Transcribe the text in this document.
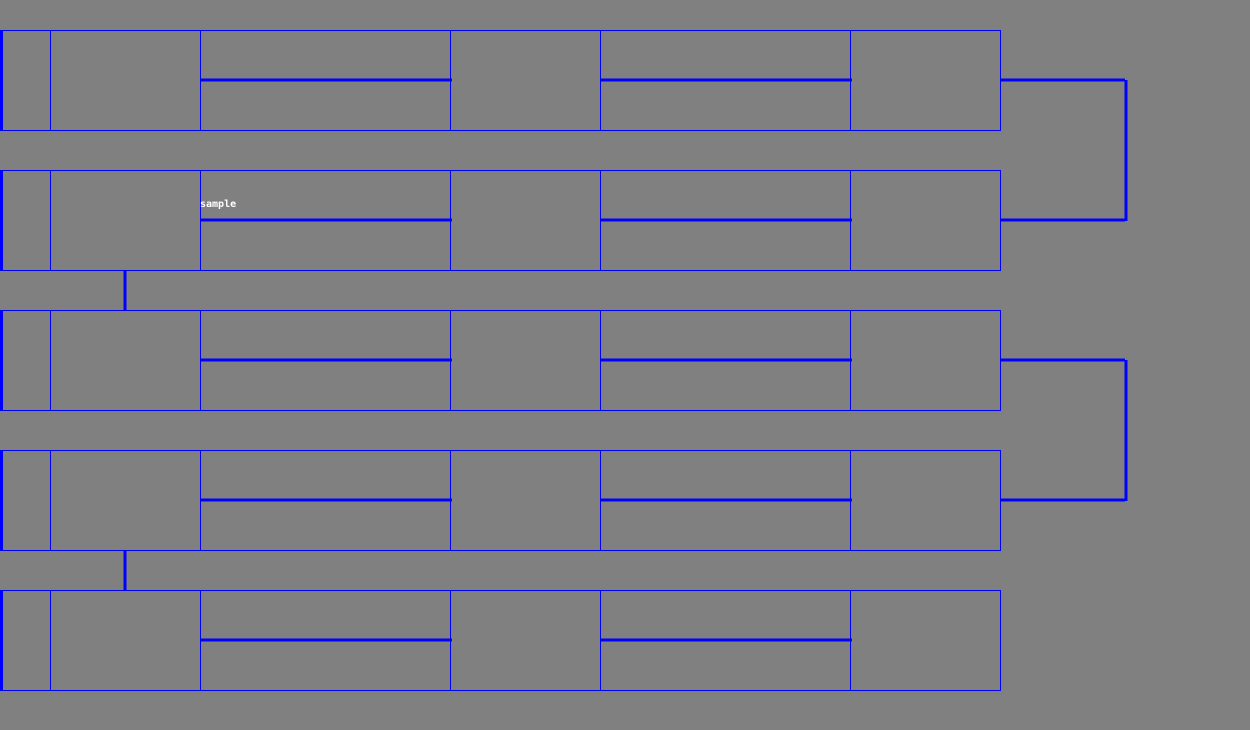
sample
